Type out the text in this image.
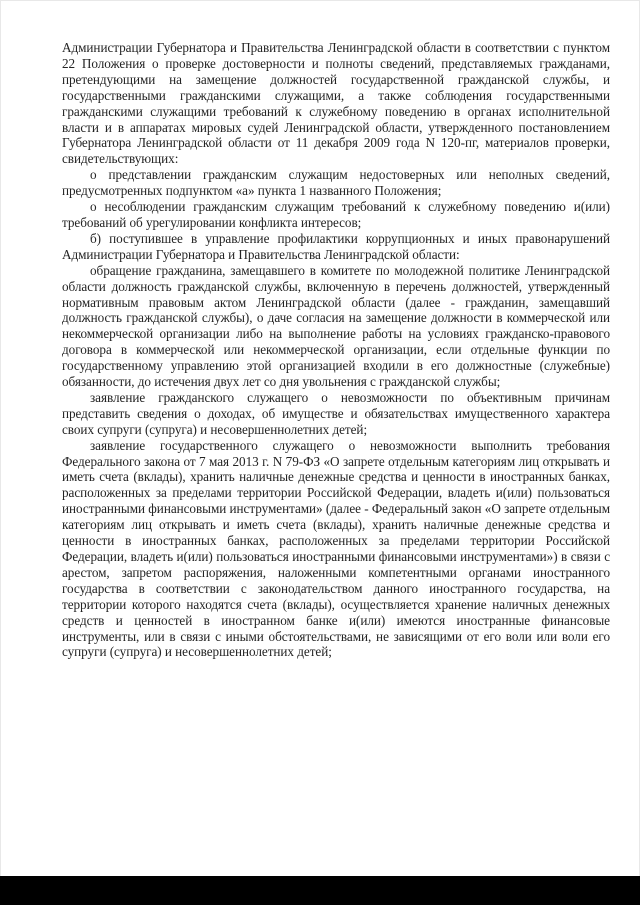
Администрации Губернатора и Правительства Ленинградской области в соответствии с пунктом 22 Положения о проверке достоверности и полноты сведений, представляемых гражданами, претендующими на замещение должностей государственной гражданской службы, и государственными гражданскими служащими, а также соблюдения государственными гражданскими служащими требований к служебному поведению в органах исполнительной власти и в аппаратах мировых судей Ленинградской области, утвержденного постановлением Губернатора Ленинградской области от 11 декабря 2009 года N 120-пг, материалов проверки, свидетельствующих:

о представлении гражданским служащим недостоверных или неполных сведений, предусмотренных подпунктом «а» пункта 1 названного Положения;

о несоблюдении гражданским служащим требований к служебному поведению и(или) требований об урегулировании конфликта интересов;

б) поступившее в управление профилактики коррупционных и иных правонарушений Администрации Губернатора и Правительства Ленинградской области:

обращение гражданина, замещавшего в комитете по молодежной политике Ленинградской области должность гражданской службы, включенную в перечень должностей, утвержденный нормативным правовым актом Ленинградской области (далее - гражданин, замещавший должность гражданской службы), о даче согласия на замещение должности в коммерческой или некоммерческой организации либо на выполнение работы на условиях гражданско-правового договора в коммерческой или некоммерческой организации, если отдельные функции по государственному управлению этой организацией входили в его должностные (служебные) обязанности, до истечения двух лет со дня увольнения с гражданской службы;

заявление гражданского служащего о невозможности по объективным причинам представить сведения о доходах, об имуществе и обязательствах имущественного характера своих супруги (супруга) и несовершеннолетних детей;

заявление государственного служащего о невозможности выполнить требования Федерального закона от 7 мая 2013 г. N 79-ФЗ «О запрете отдельным категориям лиц открывать и иметь счета (вклады), хранить наличные денежные средства и ценности в иностранных банках, расположенных за пределами территории Российской Федерации, владеть и(или) пользоваться иностранными финансовыми инструментами» (далее - Федеральный закон «О запрете отдельным категориям лиц открывать и иметь счета (вклады), хранить наличные денежные средства и ценности в иностранных банках, расположенных за пределами территории Российской Федерации, владеть и(или) пользоваться иностранными финансовыми инструментами») в связи с арестом, запретом распоряжения, наложенными компетентными органами иностранного государства в соответствии с законодательством данного иностранного государства, на территории которого находятся счета (вклады), осуществляется хранение наличных денежных средств и ценностей в иностранном банке и(или) имеются иностранные финансовые инструменты, или в связи с иными обстоятельствами, не зависящими от его воли или воли его супруги (супруга) и несовершеннолетних детей;
